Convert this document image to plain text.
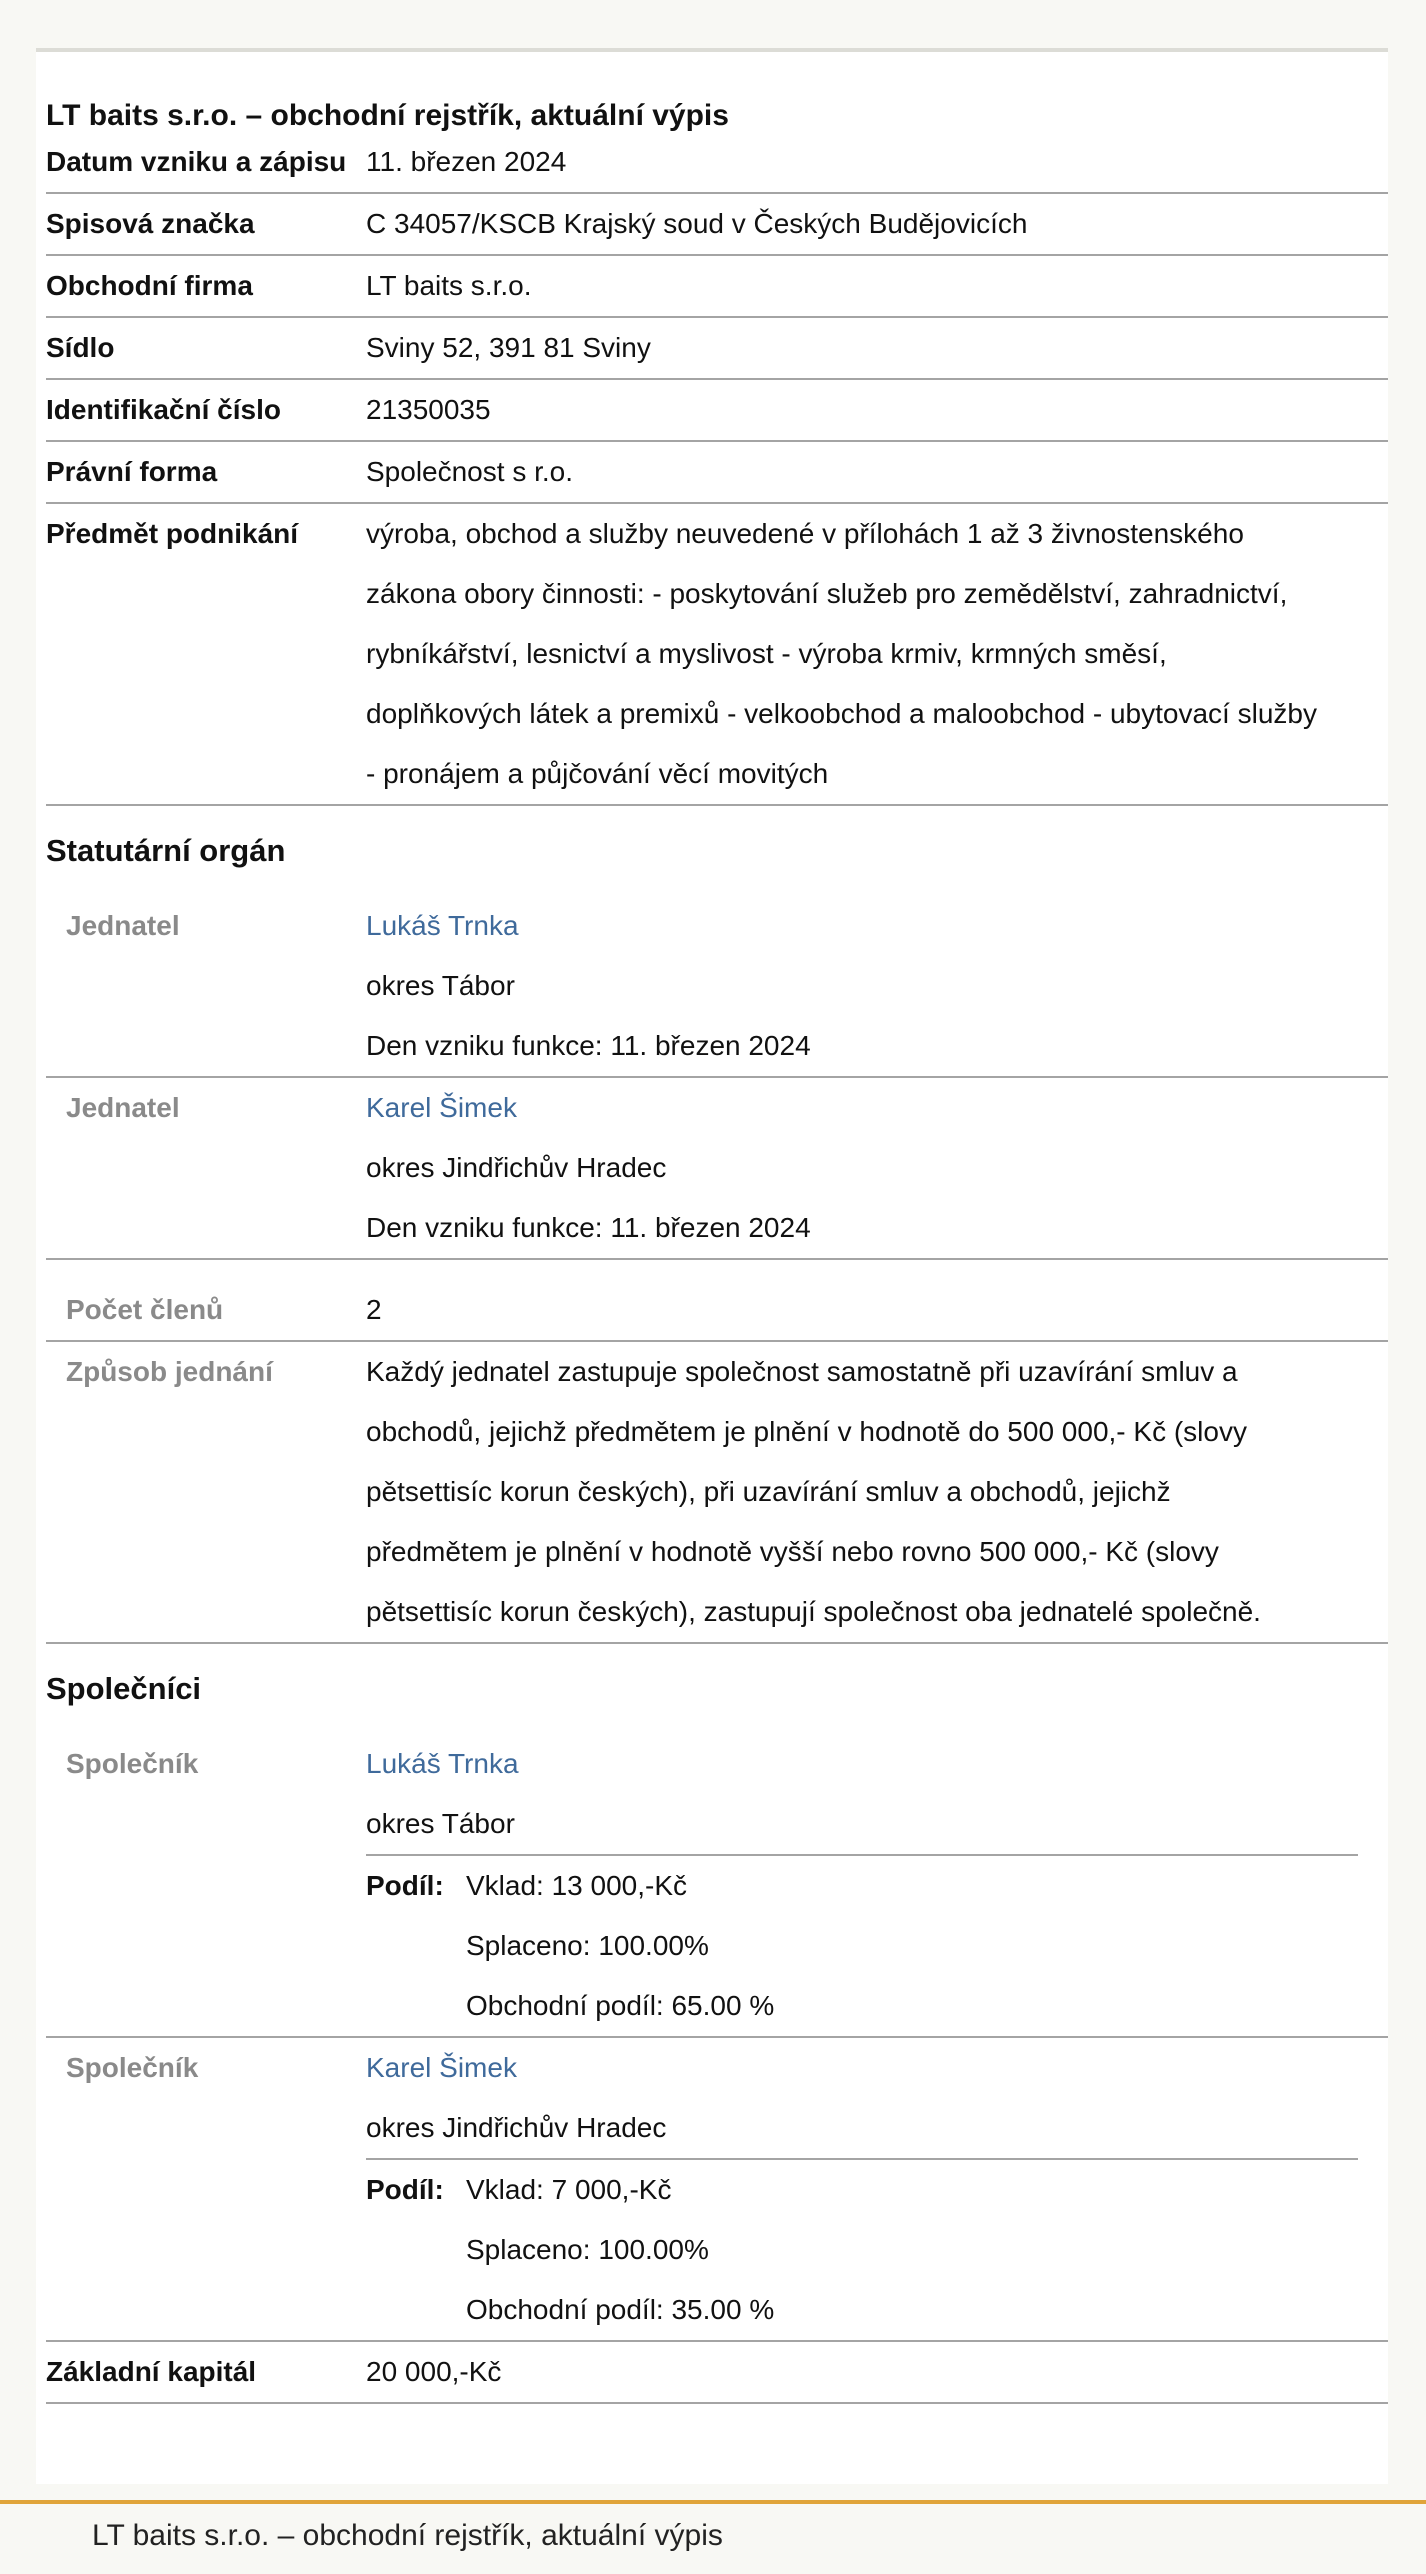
LT baits s.r.o. – obchodní rejstřík, aktuální výpis
Datum vzniku a zápisu 11. březen 2024
Spisová značka	C 34057/KSCB Krajský soud v Českých Budějovicích
Obchodní firma	LT baits s.r.o.
Sídlo	Sviny 52, 391 81 Sviny
Identifikační číslo	21350035
Právní forma	Společnost s r.o.
Předmět podnikání	výroba, obchod a služby neuvedené v přílohách 1 až 3 živnostenského
zákona obory činnosti: - poskytování služeb pro zemědělství, zahradnictví,
rybníkářství, lesnictví a myslivost - výroba krmiv, krmných směsí,
doplňkových látek a premixů - velkoobchod a maloobchod - ubytovací služby
- pronájem a půjčování věcí movitých
Statutární orgán
Jednatel	Lukáš Trnka
okres Tábor
Den vzniku funkce: 11. březen 2024
Jednatel	Karel Šimek
okres Jindřichův Hradec
Den vzniku funkce: 11. březen 2024
Počet členů	2
Způsob jednání	Každý jednatel zastupuje společnost samostatně při uzavírání smluv a
obchodů, jejichž předmětem je plnění v hodnotě do 500 000,- Kč (slovy
pětsettisíc korun českých), při uzavírání smluv a obchodů, jejichž
předmětem je plnění v hodnotě vyšší nebo rovno 500 000,- Kč (slovy
pětsettisíc korun českých), zastupují společnost oba jednatelé společně.
Společníci
Společník	Lukáš Trnka
okres Tábor
Podíl: Vklad: 13 000,-Kč
Splaceno: 100.00%
Obchodní podíl: 65.00 %
Společník	Karel Šimek
okres Jindřichův Hradec
Podíl: Vklad: 7 000,-Kč
Splaceno: 100.00%
Obchodní podíl: 35.00 %
Základní kapitál	20 000,-Kč
LT baits s.r.o. – obchodní rejstřík, aktuální výpis
